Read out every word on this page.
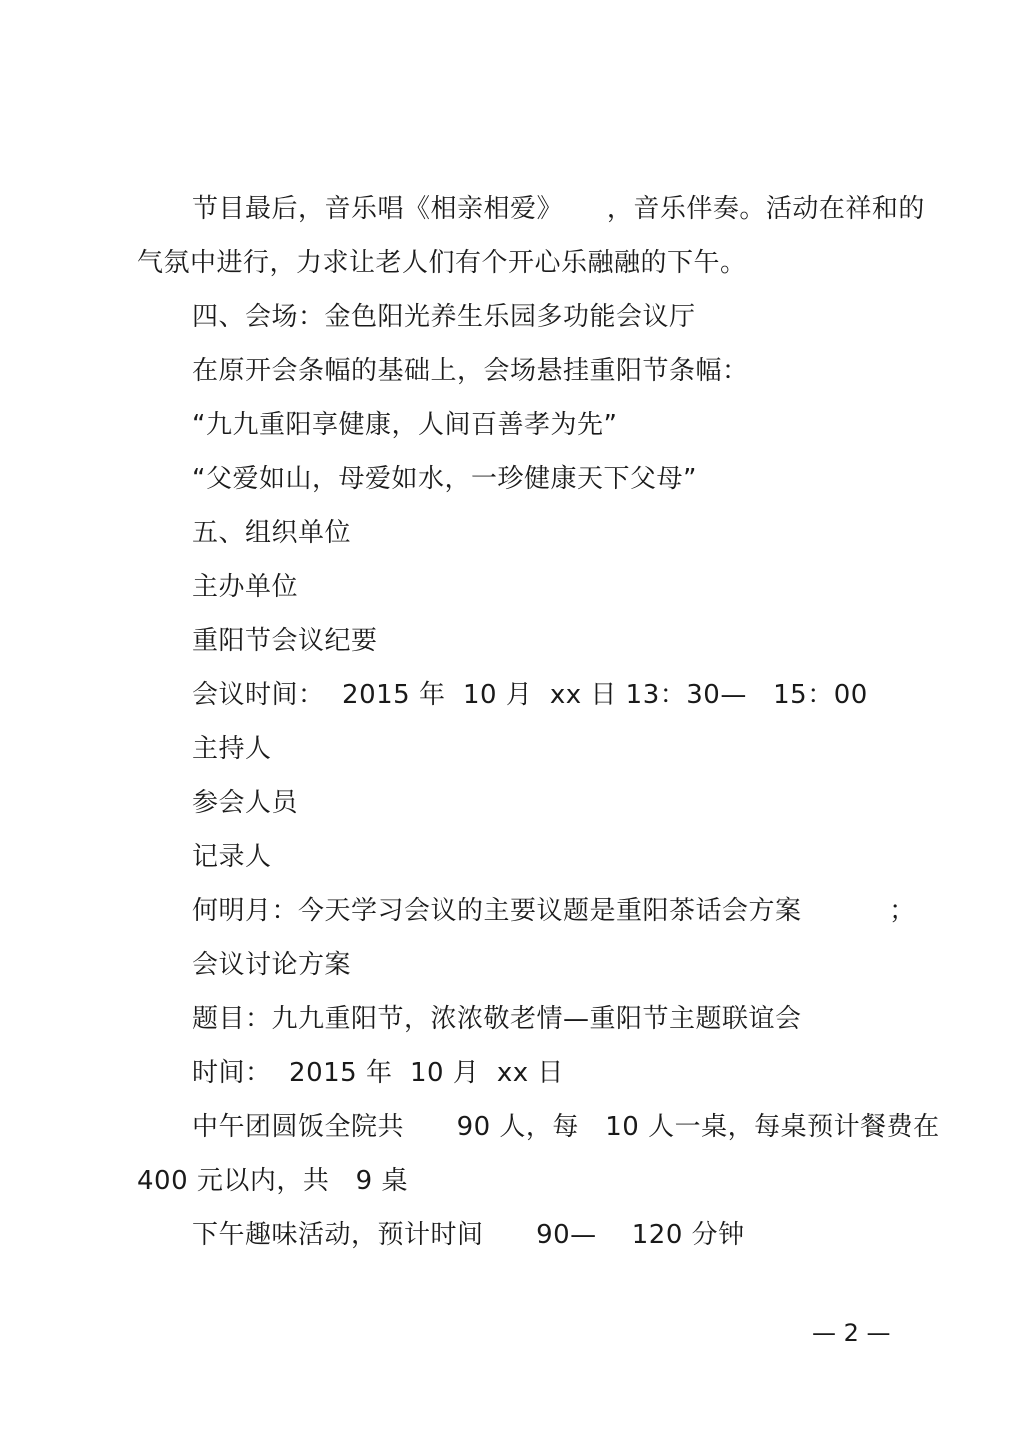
节目最后，音乐唱《相亲相爱》     ，音乐伴奏。活动在祥和的
气氛中进行，力求让老人们有个开心乐融融的下午。
四、会场：金色阳光养生乐园多功能会议厅
在原开会条幅的基础上，会场悬挂重阳节条幅：
“九九重阳享健康，人间百善孝为先”
“父爱如山，母爱如水，一珍健康天下父母”
五、组织单位
主办单位
重阳节会议纪要
会议时间：  2015 年  10 月  xx 日 13：30—   15：00
主持人
参会人员
记录人
何明月：今天学习会议的主要议题是重阳茶话会方案          ；
会议讨论方案
题目：九九重阳节，浓浓敬老情—重阳节主题联谊会
时间：  2015 年  10 月  xx 日
中午团圆饭全院共      90 人，每   10 人一桌，每桌预计餐费在
400 元以内，共   9 桌
下午趣味活动，预计时间      90—    120 分钟
— 2 —
